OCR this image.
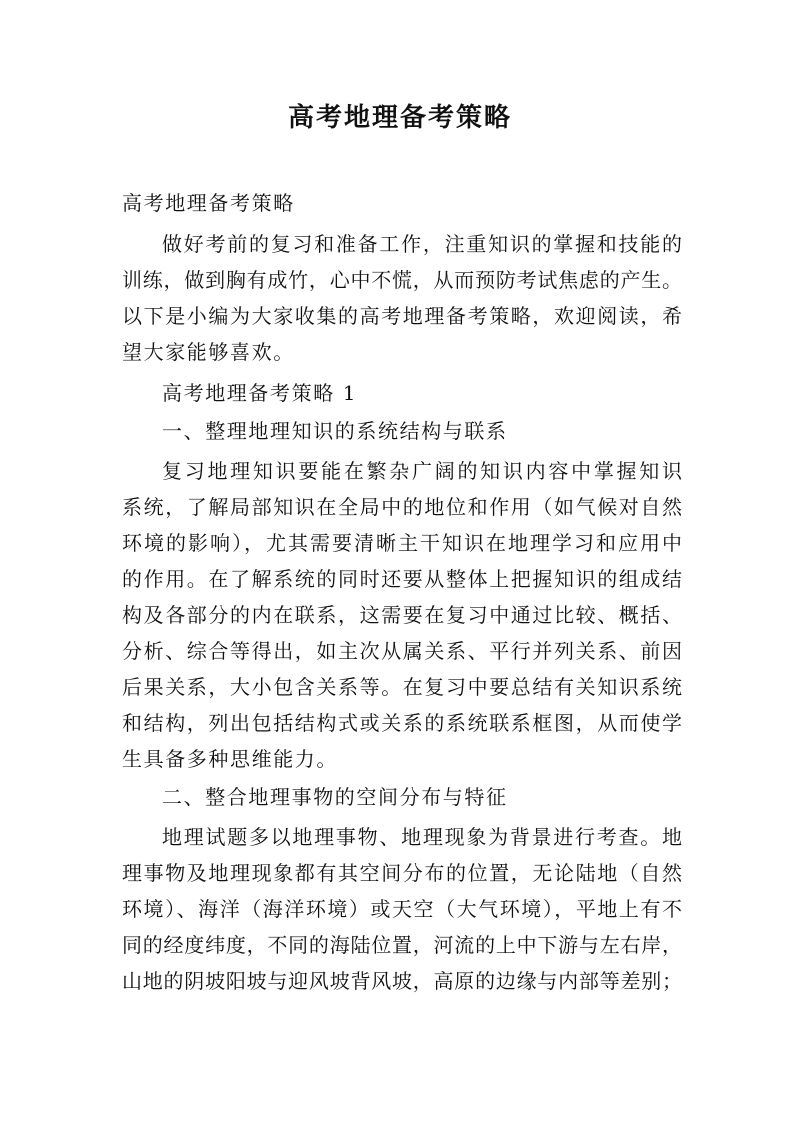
高考地理备考策略
高考地理备考策略
做好考前的复习和准备工作，注重知识的掌握和技能的
训练，做到胸有成竹，心中不慌，从而预防考试焦虑的产生。
以下是小编为大家收集的高考地理备考策略，欢迎阅读，希
望大家能够喜欢。
高考地理备考策略 1
一、整理地理知识的系统结构与联系
复习地理知识要能在繁杂广阔的知识内容中掌握知识
系统，了解局部知识在全局中的地位和作用（如气候对自然
环境的影响），尤其需要清晰主干知识在地理学习和应用中
的作用。在了解系统的同时还要从整体上把握知识的组成结
构及各部分的内在联系，这需要在复习中通过比较、概括、
分析、综合等得出，如主次从属关系、平行并列关系、前因
后果关系，大小包含关系等。在复习中要总结有关知识系统
和结构，列出包括结构式或关系的系统联系框图，从而使学
生具备多种思维能力。
二、整合地理事物的空间分布与特征
地理试题多以地理事物、地理现象为背景进行考查。地
理事物及地理现象都有其空间分布的位置，无论陆地（自然
环境）、海洋（海洋环境）或天空（大气环境），平地上有不
同的经度纬度，不同的海陆位置，河流的上中下游与左右岸，
山地的阴坡阳坡与迎风坡背风坡，高原的边缘与内部等差别；
